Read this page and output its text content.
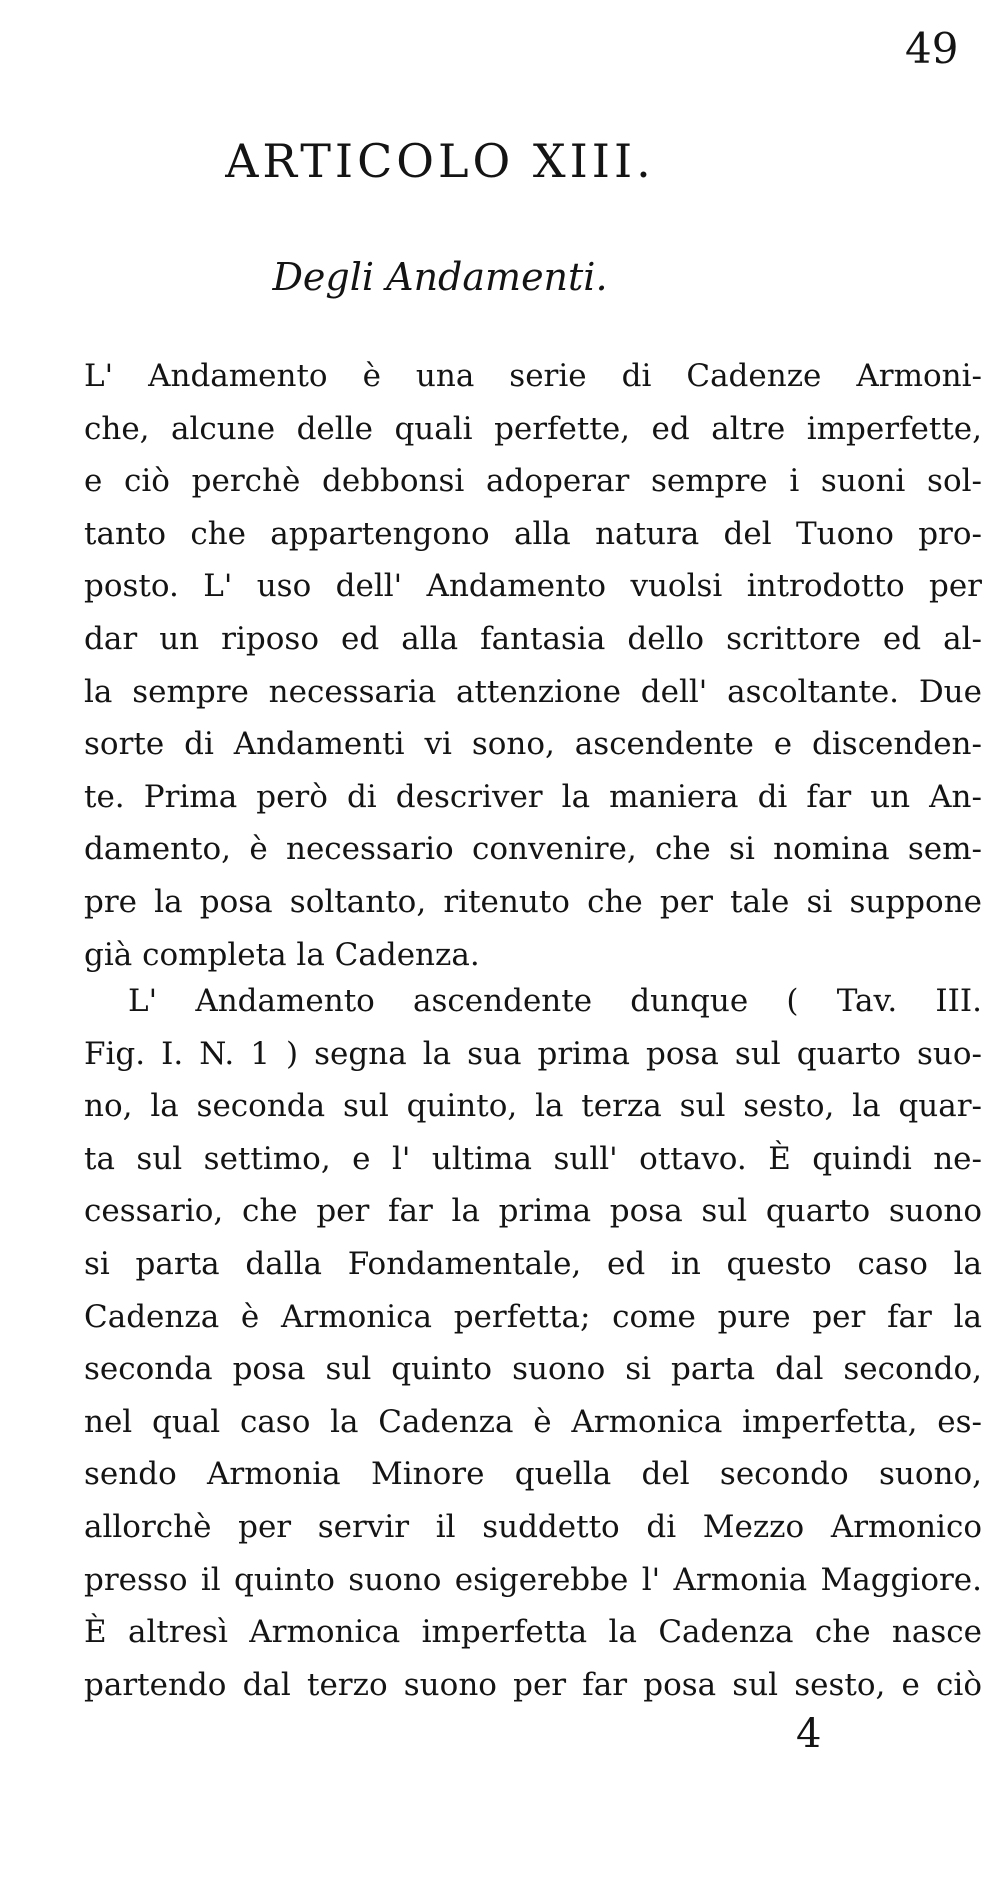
49
ARTICOLO XIII.
Degli Andamenti.
L' Andamento è una serie di Cadenze Armoni-
che, alcune delle quali perfette, ed altre imperfette,
e ciò perchè debbonsi adoperar sempre i suoni sol-
tanto che appartengono alla natura del Tuono pro-
posto. L' uso dell' Andamento vuolsi introdotto per
dar un riposo ed alla fantasia dello scrittore ed al-
la sempre necessaria attenzione dell' ascoltante. Due
sorte di Andamenti vi sono, ascendente e discenden-
te. Prima però di descriver la maniera di far un An-
damento, è necessario convenire, che si nomina sem-
pre la posa soltanto, ritenuto che per tale si suppone
già completa la Cadenza.
L' Andamento ascendente dunque ( Tav. III.
Fig. I. N. 1 ) segna la sua prima posa sul quarto suo-
no, la seconda sul quinto, la terza sul sesto, la quar-
ta sul settimo, e l' ultima sull' ottavo. È quindi ne-
cessario, che per far la prima posa sul quarto suono
si parta dalla Fondamentale, ed in questo caso la
Cadenza è Armonica perfetta; come pure per far la
seconda posa sul quinto suono si parta dal secondo,
nel qual caso la Cadenza è Armonica imperfetta, es-
sendo Armonia Minore quella del secondo suono,
allorchè per servir il suddetto di Mezzo Armonico
presso il quinto suono esigerebbe l' Armonia Maggiore.
È altresì Armonica imperfetta la Cadenza che nasce
partendo dal terzo suono per far posa sul sesto, e ciò
4
